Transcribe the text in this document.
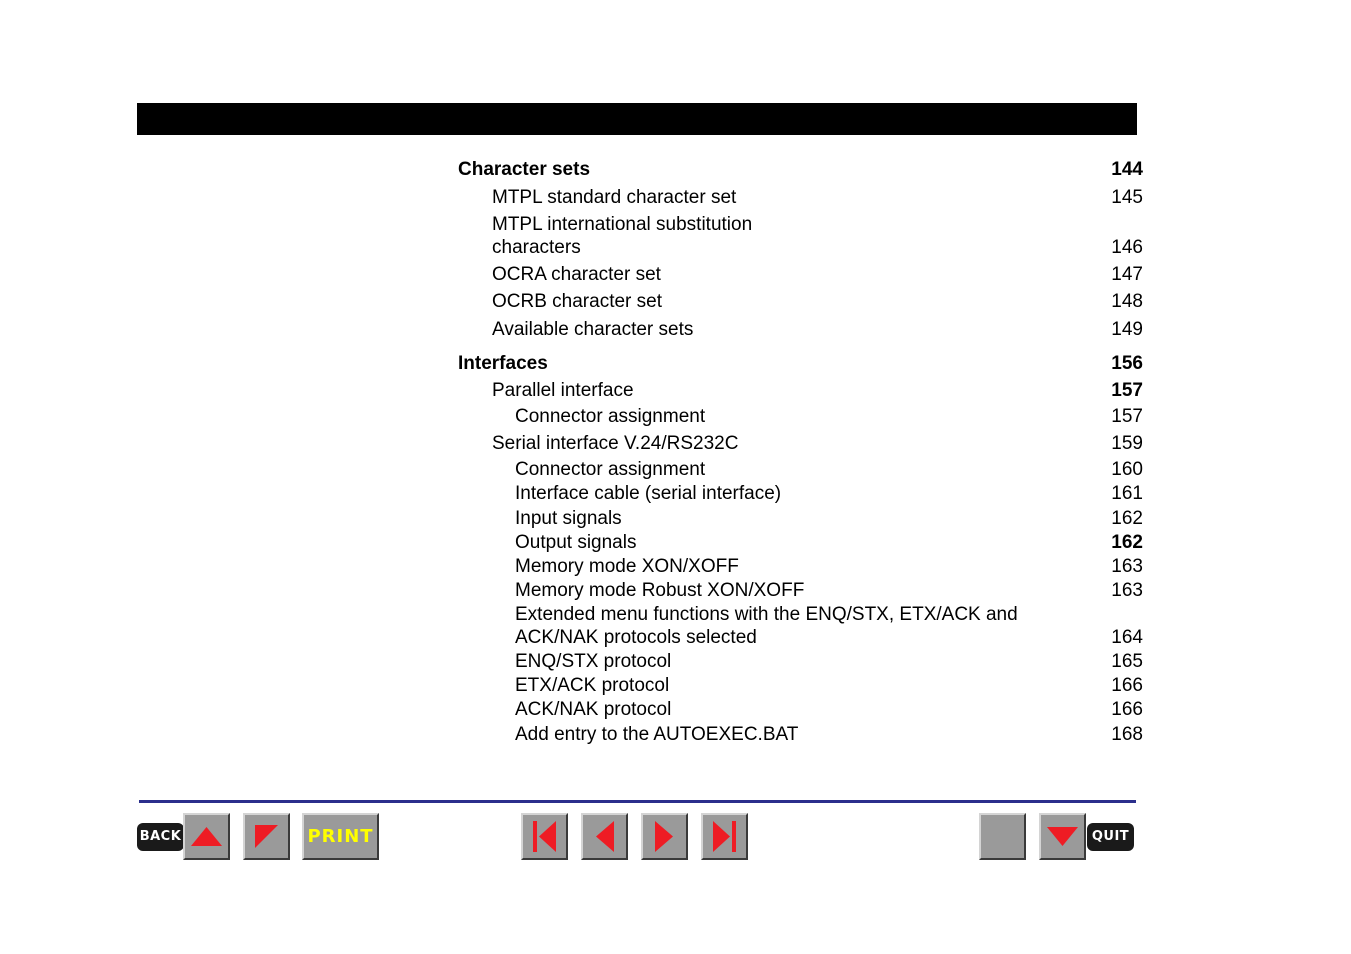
Character sets	144
MTPL standard character set	145
MTPL international substitution
characters	146
OCRA character set	147
OCRB character set	148
Available character sets	149
Interfaces	156
Parallel interface	157
Connector assignment	157
Serial interface V.24/RS232C	159
Connector assignment	160
Interface cable (serial interface)	161
Input signals	162
Output signals	162
Memory mode XON/XOFF	163
Memory mode Robust XON/XOFF	163
Extended menu functions with the ENQ/STX, ETX/ACK and
ACK/NAK protocols selected	164
ENQ/STX protocol	165
ETX/ACK protocol	166
ACK/NAK protocol	166
Add entry to the AUTOEXEC.BAT	168
BACK	PRINT	QUIT
